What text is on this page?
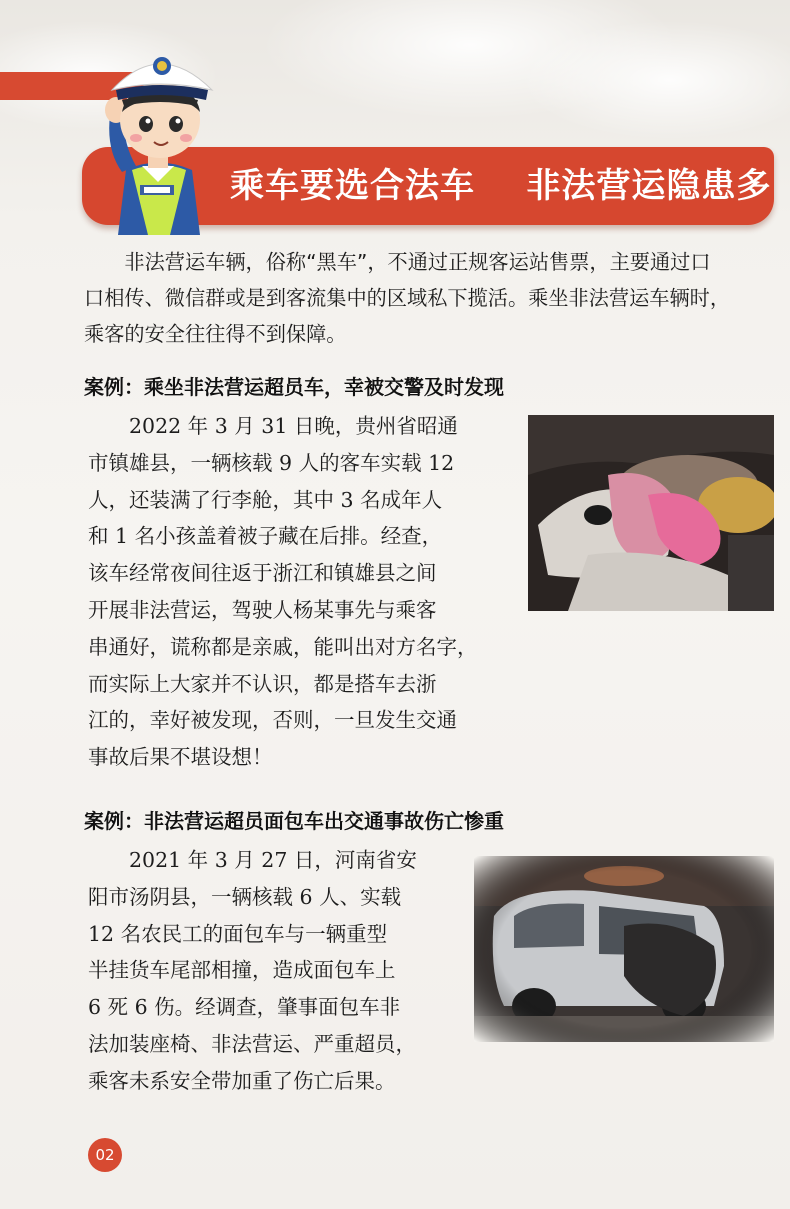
乘车要选合法车    非法营运隐患多
　　非法营运车辆，俗称“黑车”，不通过正规客运站售票，主要通过口
口相传、微信群或是到客流集中的区域私下揽活。乘坐非法营运车辆时，
乘客的安全往往得不到保障。
案例：乘坐非法营运超员车，幸被交警及时发现
　　2022 年 3 月 31 日晚，贵州省昭通
市镇雄县，一辆核载 9 人的客车实载 12
人，还装满了行李舱，其中 3 名成年人
和 1 名小孩盖着被子藏在后排。经查，
该车经常夜间往返于浙江和镇雄县之间
开展非法营运，驾驶人杨某事先与乘客
串通好，谎称都是亲戚，能叫出对方名字，
而实际上大家并不认识，都是搭车去浙
江的，幸好被发现，否则，一旦发生交通
事故后果不堪设想！
案例：非法营运超员面包车出交通事故伤亡惨重
　　2021 年 3 月 27 日，河南省安
阳市汤阴县，一辆核载 6 人、实载
12 名农民工的面包车与一辆重型
半挂货车尾部相撞，造成面包车上
6 死 6 伤。经调查，肇事面包车非
法加装座椅、非法营运、严重超员，
乘客未系安全带加重了伤亡后果。
02
